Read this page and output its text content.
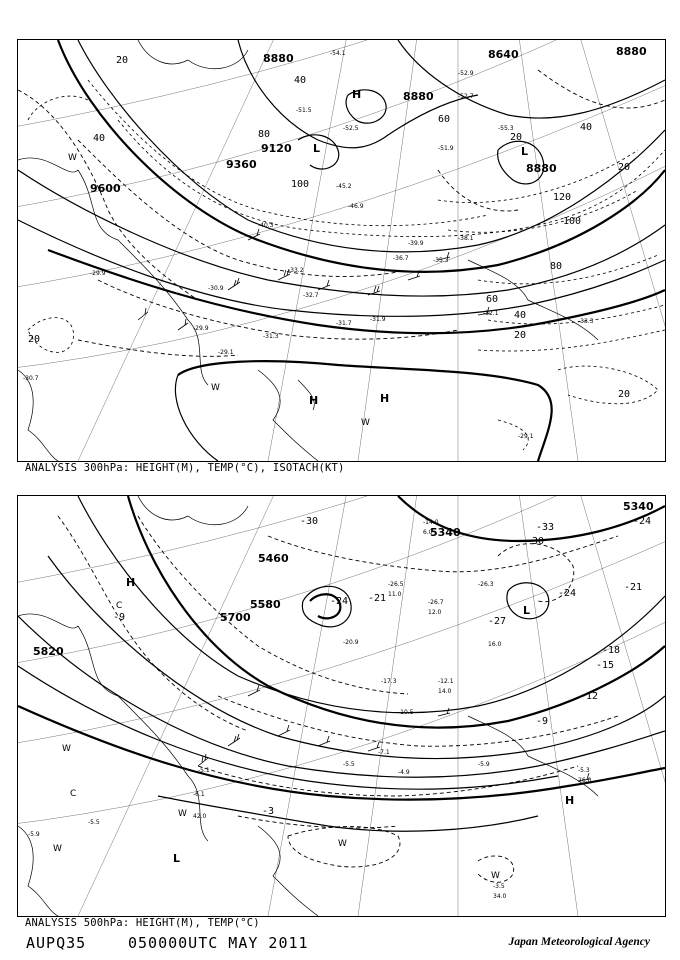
8880	8640	8880
8880
8880
9120
9360
9600
20
40
40
60
80
100
120
100
80
60
40
20
20
20
20
40
20
-54.1
-52.9
-55.3
-52.7
-51.5
-52.5
-51.9
-45.2
-46.9
-40.3
-39.9
-35.3
-38.1
-36.7
-33.2
-32.7
-31.9
-31.7
-32.1
-33.3
-31.3
-30.9
-29.9
-29.1
-29.9
-30.7
-29.1
H
L	L
W
W
H	H
W
ANALYSIS 300hPa: HEIGHT(M), TEMP(°C), ISOTACH(KT)
5340
5340
5460
5580
5700
5820
-30
-33
-30
-24
-24
-27
-24
-21
-18
-15
-12
-9
-21
-3
-9
-14.0
-26.5
-26.7
-26.3
-20.9
-17.3	-12.1
-10.5
-7.1
-5.5
-4.9
-5.9
-5.3
-5.1
-6.1
-5.5
-5.9
-3.5
6.0
11.0
12.0
14.0
16.0
34.0
26.0
42.0
H
C
W
C
W
W
L
W
L
H
W
ANALYSIS 500hPa: HEIGHT(M), TEMP(°C)
AUPQ35	050000UTC MAY 2011	Japan Meteorological Agency
